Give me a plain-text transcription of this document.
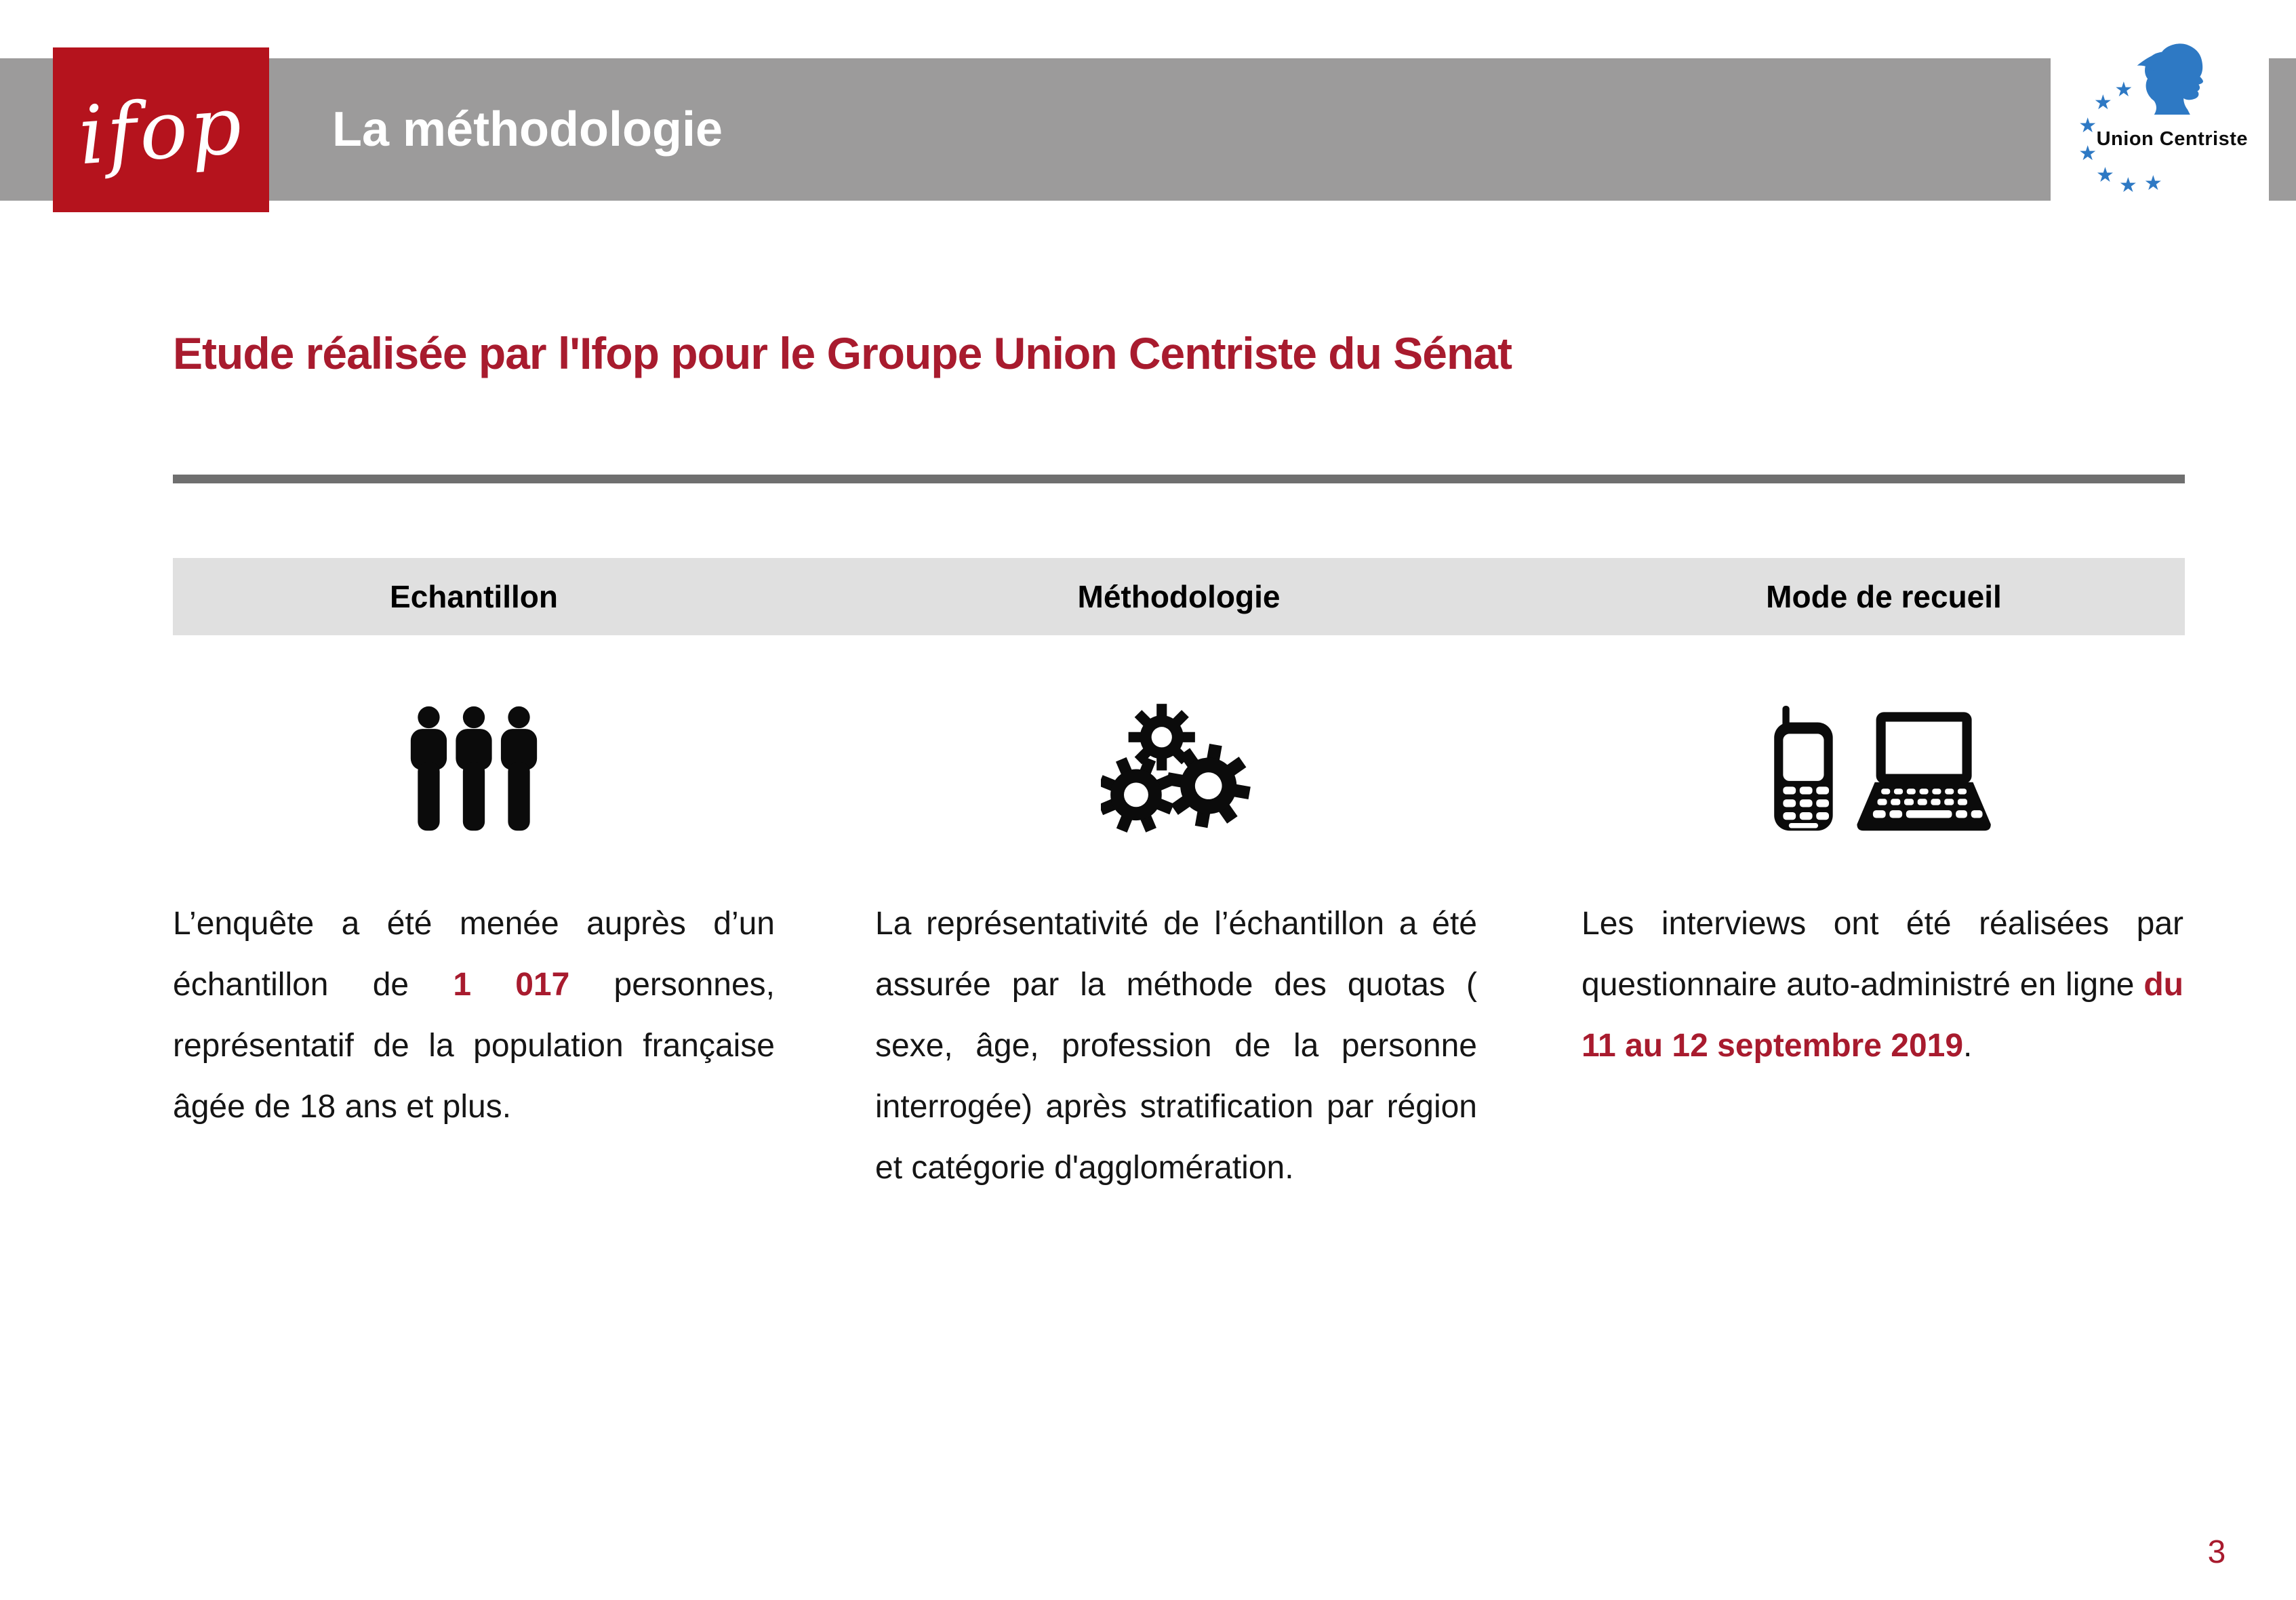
ifop La méthodologie
★
★
★
★
★ ★ ★
Union Centriste
Etude réalisée par l'Ifop pour le Groupe Union Centriste du Sénat
Echantillon	Méthodologie	Mode de recueil

L’enquête a été menée auprès d’un échantillon de 1 017 personnes, représentatif de la population française âgée de 18 ans et plus.

La représentativité de l’échantillon a été assurée par la méthode des quotas ( sexe, âge, profession de la personne interrogée) après stratification par région et catégorie d'agglomération.

Les interviews ont été réalisées par questionnaire auto-administré en ligne du 11 au 12 septembre 2019.

3
